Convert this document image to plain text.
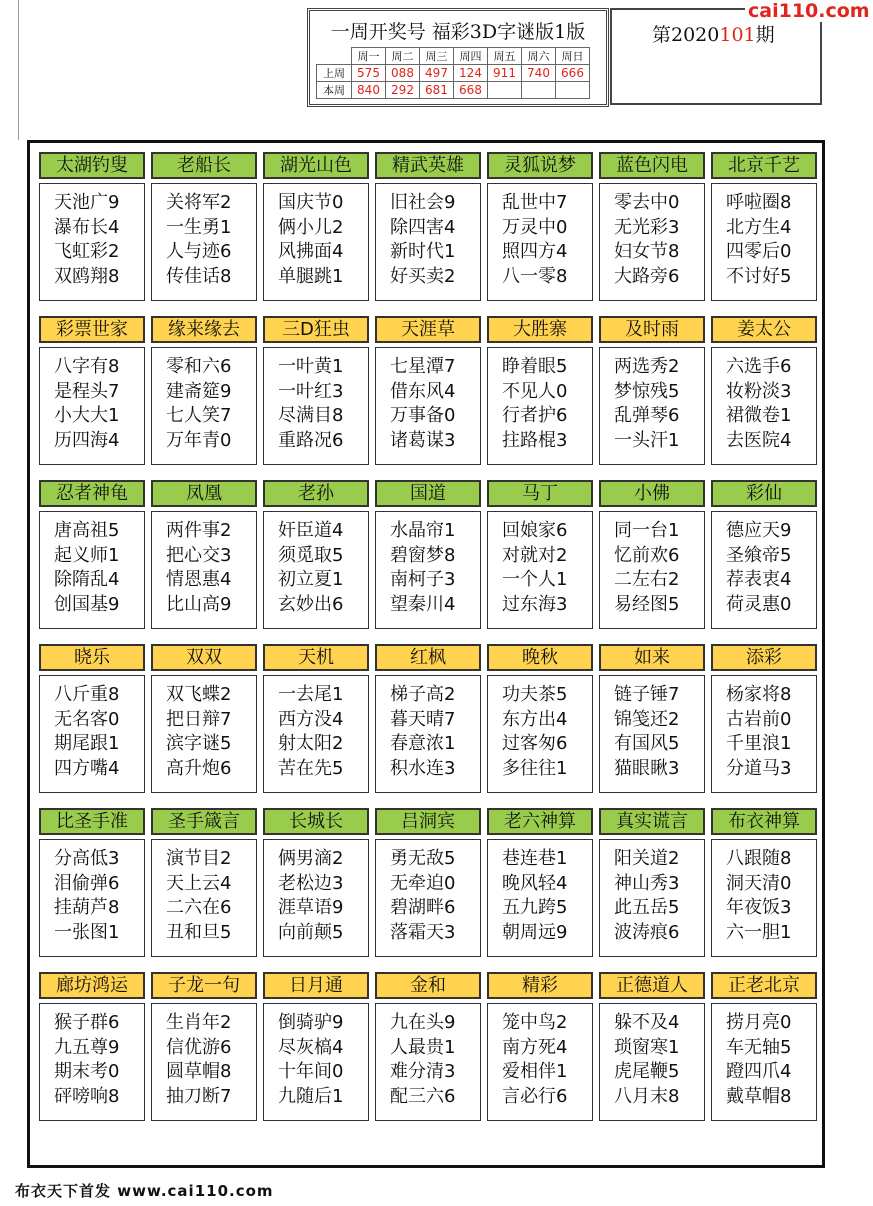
一周开奖号 福彩3D字谜版1版
	周一	周二	周三	周四	周五	周六	周日
上周	575	088	497	124	911	740	666
本周	840	292	681	668			
第2020101期
cai110.com
太湖钓叟
天池广9
瀑布长4
飞虹彩2
双鸥翔8
老船长
关将军2
一生勇1
人与迹6
传佳话8
湖光山色
国庆节0
俩小儿2
风拂面4
单腿跳1
精武英雄
旧社会9
除四害4
新时代1
好买卖2
灵狐说梦
乱世中7
万灵中0
照四方4
八一零8
蓝色闪电
零去中0
无光彩3
妇女节8
大路旁6
北京千艺
呼啦圈8
北方生4
四零后0
不讨好5
彩票世家
八字有8
是程头7
小大大1
历四海4
缘来缘去
零和六6
建斋筵9
七人笑7
万年青0
三D狂虫
一叶黄1
一叶红3
尽满目8
重路况6
天涯草
七星潭7
借东风4
万事备0
诸葛谋3
大胜寨
睁着眼5
不见人0
行者护6
拄路棍3
及时雨
两选秀2
梦惊残5
乱弹琴6
一头汗1
姜太公
六选手6
妆粉淡3
裙微卷1
去医院4
忍者神龟
唐高祖5
起义师1
除隋乱4
创国基9
凤凰
两件事2
把心交3
情恩惠4
比山高9
老孙
奸臣道4
须觅取5
初立夏1
玄妙出6
国道
水晶帘1
碧窗梦8
南柯子3
望秦川4
马丁
回娘家6
对就对2
一个人1
过东海3
小佛
同一台1
忆前欢6
二左右2
易经图5
彩仙
德应天9
圣飨帝5
荐表衷4
荷灵惠0
晓乐
八斤重8
无名客0
期尾跟1
四方嘴4
双双
双飞蝶2
把日辩7
滨字谜5
高升炮6
天机
一去尾1
西方没4
射太阳2
苦在先5
红枫
梯子高2
暮天晴7
春意浓1
积水连3
晚秋
功夫茶5
东方出4
过客匆6
多往往1
如来
链子锤7
锦笺还2
有国风5
猫眼瞅3
添彩
杨家将8
古岩前0
千里浪1
分道马3
比圣手准
分高低3
泪偷弹6
挂葫芦8
一张图1
圣手箴言
演节目2
天上云4
二六在6
丑和旦5
长城长
俩男滴2
老松边3
涯草语9
向前颠5
吕洞宾
勇无敌5
无牵迫0
碧湖畔6
落霜天3
老六神算
巷连巷1
晚风轻4
五九跨5
朝周远9
真实谎言
阳关道2
神山秀3
此五岳5
波涛痕6
布衣神算
八跟随8
洞天清0
年夜饭3
六一胆1
廊坊鸿运
猴子群6
九五尊9
期末考0
砰嗙响8
子龙一句
生肖年2
信优游6
圆草帽8
抽刀断7
日月通
倒骑驴9
尽灰槁4
十年间0
九随后1
金和
九在头9
人最贵1
难分清3
配三六6
精彩
笼中鸟2
南方死4
爱相伴1
言必行6
正德道人
躲不及4
琐窗寒1
虎尾鞭5
八月末8
正老北京
捞月亮0
车无轴5
蹬四爪4
戴草帽8
布衣天下首发 www.cai110.com
